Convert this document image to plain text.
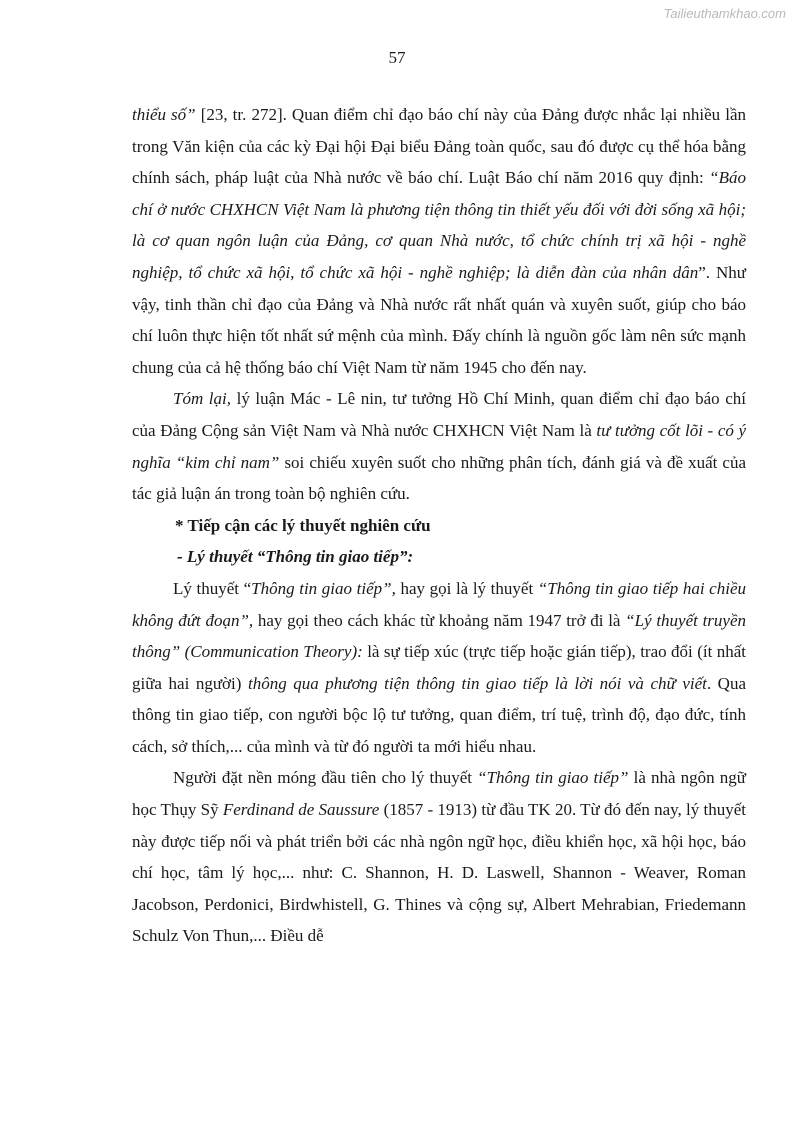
Tailieuthamkhao.com
57

thiểu số” [23, tr. 272]. Quan điểm chỉ đạo báo chí này của Đảng được nhắc lại nhiều lần trong Văn kiện của các kỳ Đại hội Đại biểu Đảng toàn quốc, sau đó được cụ thể hóa bằng chính sách, pháp luật của Nhà nước về báo chí. Luật Báo chí năm 2016 quy định: “Báo chí ở nước CHXHCN Việt Nam là phương tiện thông tin thiết yếu đối với đời sống xã hội; là cơ quan ngôn luận của Đảng, cơ quan Nhà nước, tổ chức chính trị xã hội - nghề nghiệp, tổ chức xã hội, tổ chức xã hội - nghề nghiệp; là diễn đàn của nhân dân”. Như vậy, tinh thần chỉ đạo của Đảng và Nhà nước rất nhất quán và xuyên suốt, giúp cho báo chí luôn thực hiện tốt nhất sứ mệnh của mình. Đấy chính là nguồn gốc làm nên sức mạnh chung của cả hệ thống báo chí Việt Nam từ năm 1945 cho đến nay.

Tóm lại, lý luận Mác - Lê nin, tư tưởng Hồ Chí Minh, quan điểm chỉ đạo báo chí của Đảng Cộng sản Việt Nam và Nhà nước CHXHCN Việt Nam là tư tưởng cốt lõi - có ý nghĩa “kim chỉ nam” soi chiếu xuyên suốt cho những phân tích, đánh giá và đề xuất của tác giả luận án trong toàn bộ nghiên cứu.

* Tiếp cận các lý thuyết nghiên cứu

- Lý thuyết “Thông tin giao tiếp”:

Lý thuyết “Thông tin giao tiếp”, hay gọi là lý thuyết “Thông tin giao tiếp hai chiều không đứt đoạn”, hay gọi theo cách khác từ khoảng năm 1947 trở đi là “Lý thuyết truyền thông” (Communication Theory): là sự tiếp xúc (trực tiếp hoặc gián tiếp), trao đổi (ít nhất giữa hai người) thông qua phương tiện thông tin giao tiếp là lời nói và chữ viết. Qua thông tin giao tiếp, con người bộc lộ tư tưởng, quan điểm, trí tuệ, trình độ, đạo đức, tính cách, sở thích,... của mình và từ đó người ta mới hiểu nhau.

Người đặt nền móng đầu tiên cho lý thuyết “Thông tin giao tiếp” là nhà ngôn ngữ học Thụy Sỹ Ferdinand de Saussure (1857 - 1913) từ đầu TK 20. Từ đó đến nay, lý thuyết này được tiếp nối và phát triển bởi các nhà ngôn ngữ học, điều khiển học, xã hội học, báo chí học, tâm lý học,... như: C. Shannon, H. D. Laswell, Shannon - Weaver, Roman Jacobson, Perdonici, Birdwhistell, G. Thines và cộng sự, Albert Mehrabian, Friedemann Schulz Von Thun,... Điều dễ
